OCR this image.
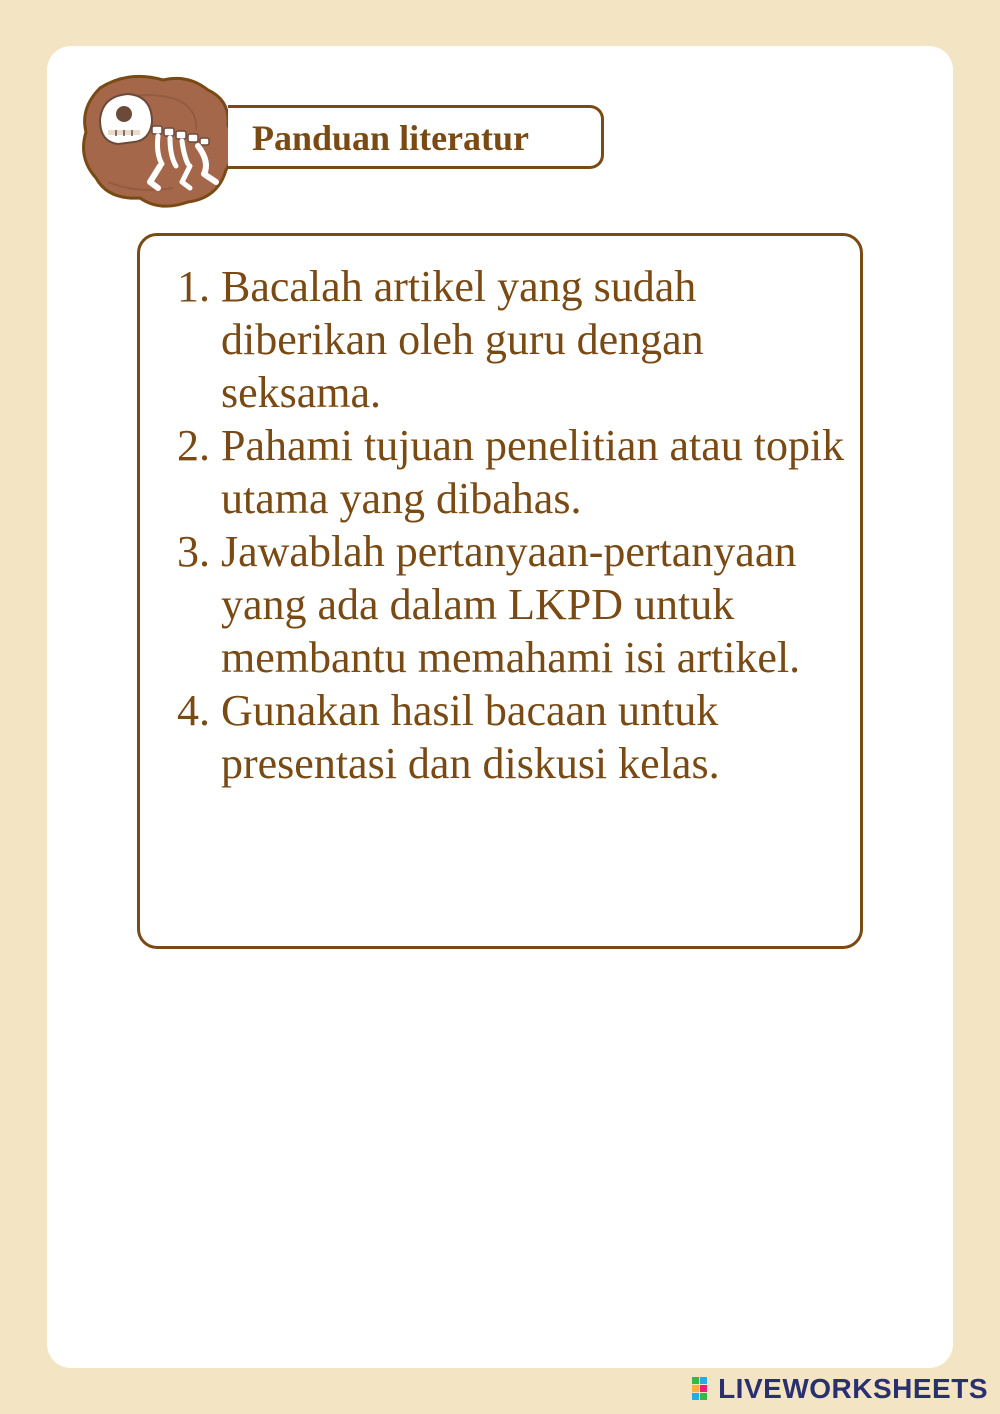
Panduan literatur
1. Bacalah artikel yang sudah diberikan oleh guru dengan seksama.
2. Pahami tujuan penelitian atau topik utama yang dibahas.
3. Jawablah pertanyaan-pertanyaan yang ada dalam LKPD untuk membantu memahami isi artikel.
4. Gunakan hasil bacaan untuk presentasi dan diskusi kelas.
LIVEWORKSHEETS
